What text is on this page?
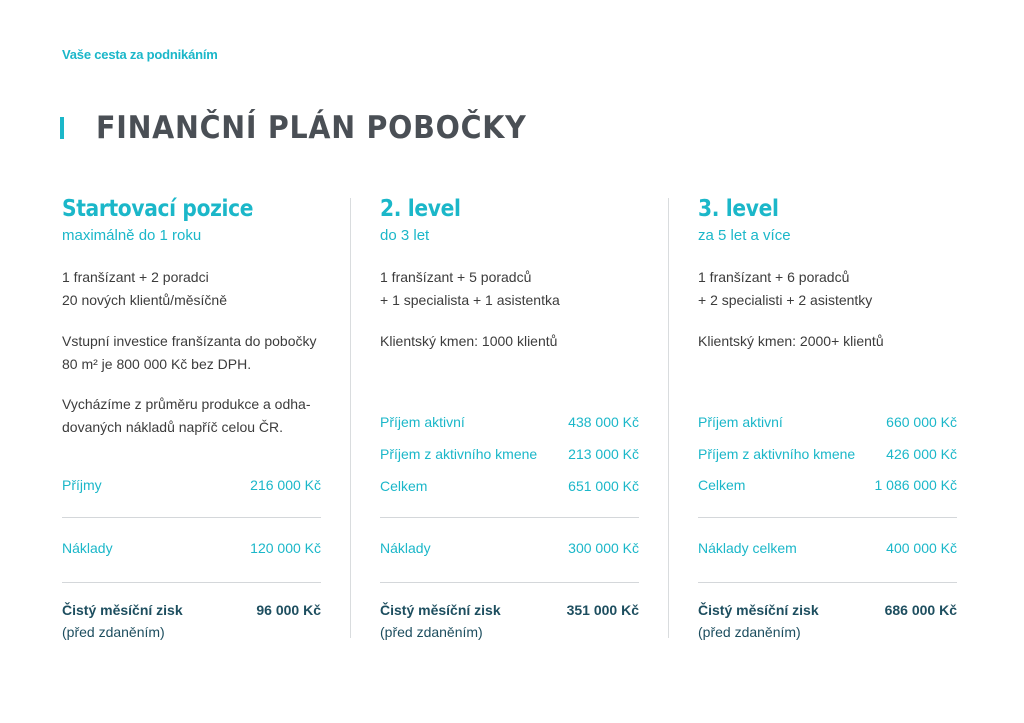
Vaše cesta za podnikáním
FINANČNÍ PLÁN POBOČKY
Startovací pozice
maximálně do 1 roku
1 franšízant + 2 poradci
20 nových klientů/měsíčně
Vstupní investice franšízanta do pobočky
80 m² je 800 000 Kč bez DPH.
Vycházíme z průměru produkce a odha-
dovaných nákladů napříč celou ČR.
Příjmy	216 000 Kč
Náklady	120 000 Kč
Čistý měsíční zisk	96 000 Kč
(před zdaněním)
2. level
do 3 let
1 franšízant + 5 poradců
+ 1 specialista + 1 asistentka
Klientský kmen: 1000 klientů
Příjem aktivní	438 000 Kč
Příjem z aktivního kmene 213 000 Kč
Celkem	651 000 Kč
Náklady	300 000 Kč
Čistý měsíční zisk	351 000 Kč
(před zdaněním)
3. level
za 5 let a více
1 franšízant + 6 poradců
+ 2 specialisti + 2 asistentky
Klientský kmen: 2000+ klientů
Příjem aktivní	660 000 Kč
Příjem z aktivního kmene 426 000 Kč
Celkem	1 086 000 Kč
Náklady celkem	400 000 Kč
Čistý měsíční zisk	686 000 Kč
(před zdaněním)
